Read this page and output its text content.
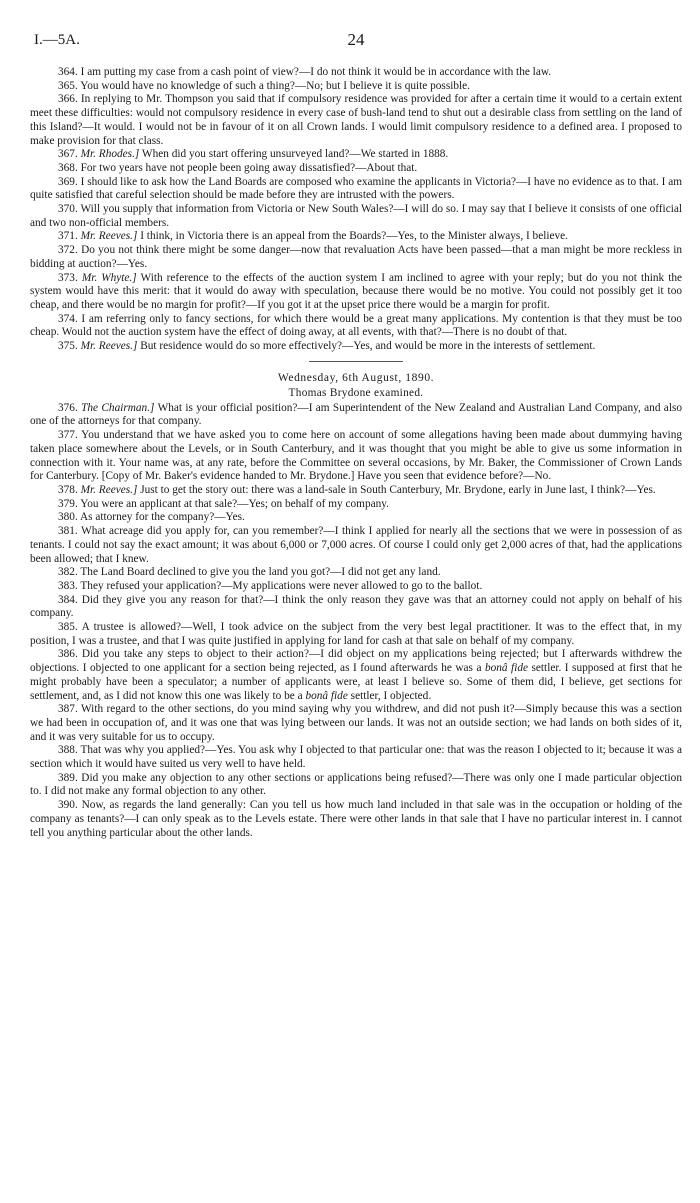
I.—5A.	24

364. I am putting my case from a cash point of view?—I do not think it would be in accordance with the law.

365. You would have no knowledge of such a thing?—No; but I believe it is quite possible.

366. In replying to Mr. Thompson you said that if compulsory residence was provided for after a certain time it would to a certain extent meet these difficulties: would not compulsory residence in every case of bush-land tend to shut out a desirable class from settling on the land of this Island?—It would. I would not be in favour of it on all Crown lands. I would limit compulsory residence to a defined area. I proposed to make provision for that class.

367. Mr. Rhodes.] When did you start offering unsurveyed land?—We started in 1888.

368. For two years have not people been going away dissatisfied?—About that.

369. I should like to ask how the Land Boards are composed who examine the applicants in Victoria?—I have no evidence as to that. I am quite satisfied that careful selection should be made before they are intrusted with the powers.

370. Will you supply that information from Victoria or New South Wales?—I will do so. I may say that I believe it consists of one official and two non-official members.

371. Mr. Reeves.] I think, in Victoria there is an appeal from the Boards?—Yes, to the Minister always, I believe.

372. Do you not think there might be some danger—now that revaluation Acts have been passed—that a man might be more reckless in bidding at auction?—Yes.

373. Mr. Whyte.] With reference to the effects of the auction system I am inclined to agree with your reply; but do you not think the system would have this merit: that it would do away with speculation, because there would be no motive. You could not possibly get it too cheap, and there would be no margin for profit?—If you got it at the upset price there would be a margin for profit.

374. I am referring only to fancy sections, for which there would be a great many applications. My contention is that they must be too cheap. Would not the auction system have the effect of doing away, at all events, with that?—There is no doubt of that.

375. Mr. Reeves.] But residence would do so more effectively?—Yes, and would be more in the interests of settlement.

Wednesday, 6th August, 1890.
Thomas Brydone examined.

376. The Chairman.] What is your official position?—I am Superintendent of the New Zealand and Australian Land Company, and also one of the attorneys for that company.

377. You understand that we have asked you to come here on account of some allegations having been made about dummying having taken place somewhere about the Levels, or in South Canterbury, and it was thought that you might be able to give us some information in connection with it. Your name was, at any rate, before the Committee on several occasions, by Mr. Baker, the Commissioner of Crown Lands for Canterbury. [Copy of Mr. Baker's evidence handed to Mr. Brydone.] Have you seen that evidence before?—No.

378. Mr. Reeves.] Just to get the story out: there was a land-sale in South Canterbury, Mr. Brydone, early in June last, I think?—Yes.

379. You were an applicant at that sale?—Yes; on behalf of my company.

380. As attorney for the company?—Yes.

381. What acreage did you apply for, can you remember?—I think I applied for nearly all the sections that we were in possession of as tenants. I could not say the exact amount; it was about 6,000 or 7,000 acres. Of course I could only get 2,000 acres of that, had the applications been allowed; that I knew.

382. The Land Board declined to give you the land you got?—I did not get any land.

383. They refused your application?—My applications were never allowed to go to the ballot.

384. Did they give you any reason for that?—I think the only reason they gave was that an attorney could not apply on behalf of his company.

385. A trustee is allowed?—Well, I took advice on the subject from the very best legal practitioner. It was to the effect that, in my position, I was a trustee, and that I was quite justified in applying for land for cash at that sale on behalf of my company.

386. Did you take any steps to object to their action?—I did object on my applications being rejected; but I afterwards withdrew the objections. I objected to one applicant for a section being rejected, as I found afterwards he was a bonâ fide settler. I supposed at first that he might probably have been a speculator; a number of applicants were, at least I believe so. Some of them did, I believe, get sections for settlement, and, as I did not know this one was likely to be a bonâ fide settler, I objected.

387. With regard to the other sections, do you mind saying why you withdrew, and did not push it?—Simply because this was a section we had been in occupation of, and it was one that was lying between our lands. It was not an outside section; we had lands on both sides of it, and it was very suitable for us to occupy.

388. That was why you applied?—Yes. You ask why I objected to that particular one: that was the reason I objected to it; because it was a section which it would have suited us very well to have held.

389. Did you make any objection to any other sections or applications being refused?—There was only one I made particular objection to. I did not make any formal objection to any other.

390. Now, as regards the land generally: Can you tell us how much land included in that sale was in the occupation or holding of the company as tenants?—I can only speak as to the Levels estate. There were other lands in that sale that I have no particular interest in. I cannot tell you anything particular about the other lands.
